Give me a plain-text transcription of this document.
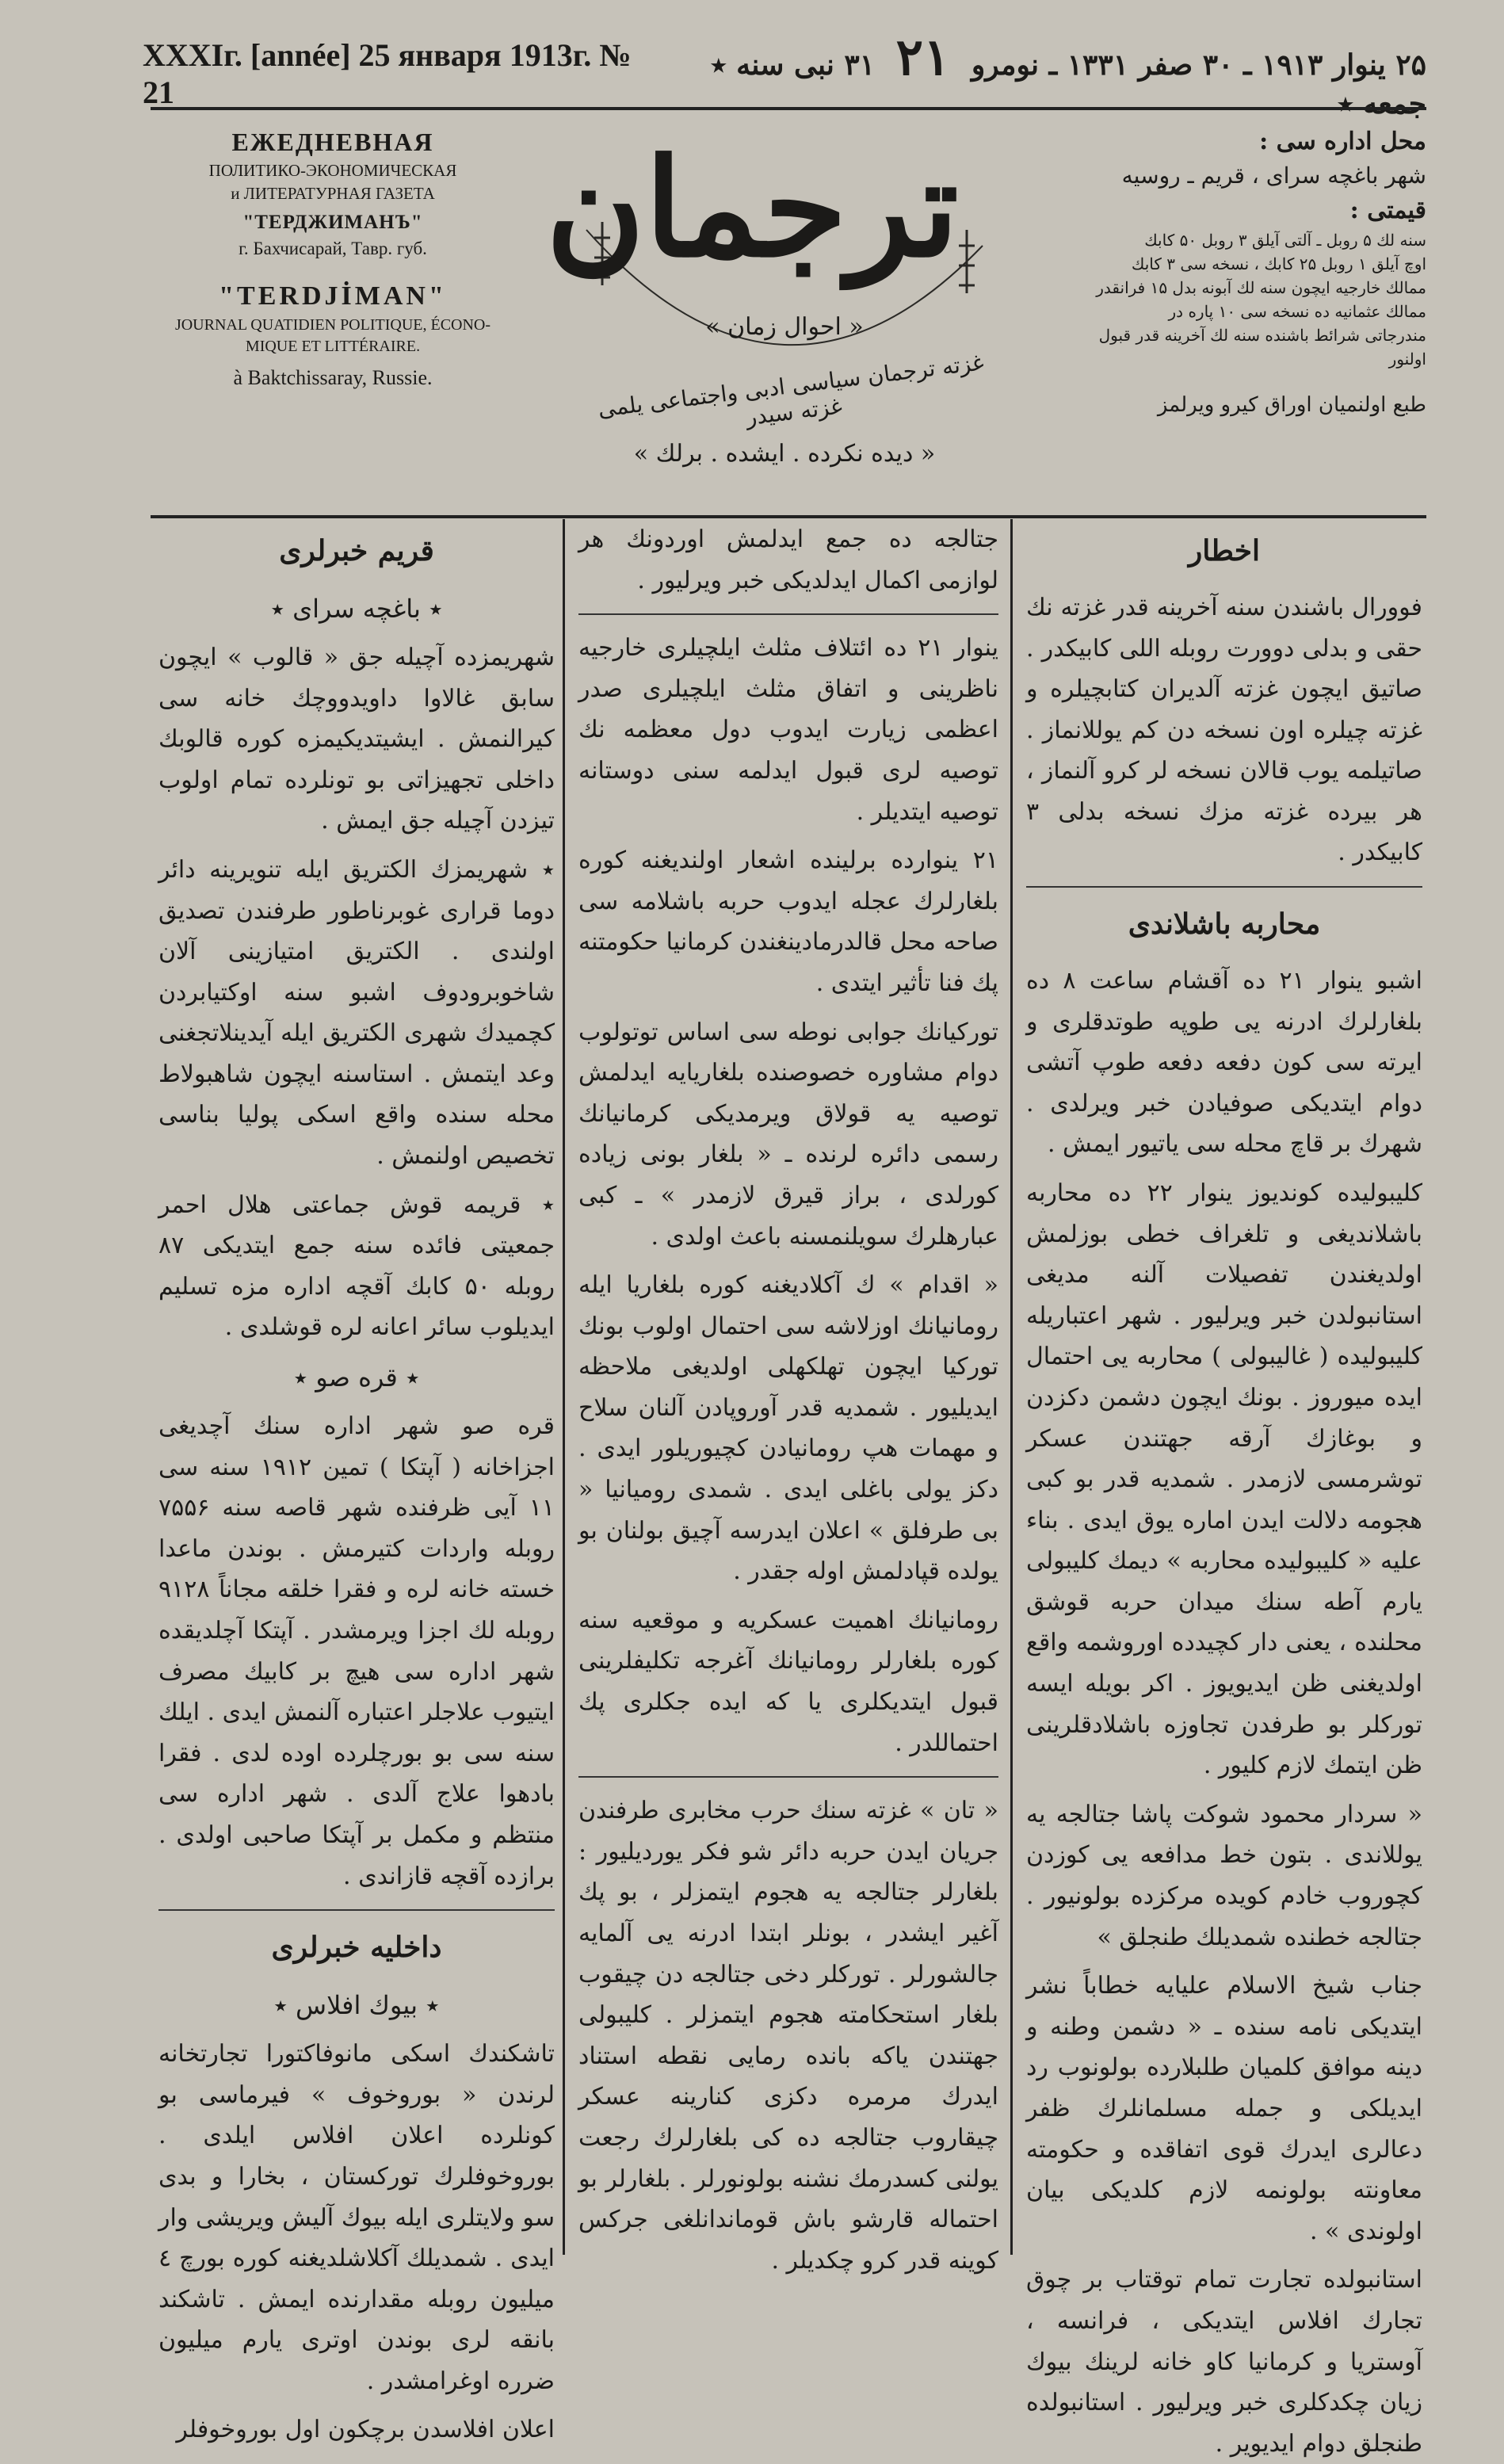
XXXIг. [année] 25 января 1913г. № 21
۲۵ ينوار ۱۹۱۳ ـ ۳۰ صفر ۱۳۳۱ ـ نومرو ۲۱ ۳۱ نبى سنه ٭ جمعه ٭
ЕЖЕДНЕВНАЯ
ПОЛИТИКО-ЭКОНОМИЧЕСКАЯ
и ЛИТЕРАТУРНАЯ ГАЗЕТА
"ТЕРДЖИМАНЪ"
г. Бахчисарай, Тавр. губ.
"TERDJİMAN"
JOURNAL QUATIDIEN POLITIQUE, ÉCONO-
MIQUE ET LITTÉRAIRE.
à Baktchissaray, Russie.
ترجمان
« احوال زمان »
غزته ترجمان سياسى ادبى واجتماعى يلمى غزته سيدر
« ديده نكرده . ايشده . برلك »
محل اداره سى :
شهر باغچه سراى ، قريم ـ روسيه
قيمتى :
سنه لك ۵ روبل ـ آلتى آيلق ۳ روبل ۵۰ كابك
اوچ آيلق ۱ روبل ۲۵ كابك ، نسخه سى ۳ كابك
ممالك خارجيه ايچون سنه لك آبونه بدل ۱۵ فرانقدر
ممالك عثمانيه ده نسخه سى ۱۰ پاره در
مندرجاتى شرائط باشنده سنه لك آخرينه قدر قبول اولنور
طبع اولنميان اوراق كيرو ويرلمز
اخطار

فوورال باشندن سنه آخرينه قدر غزته نك حقى و بدلى دوورت روبله اللى كابيكدر . صاتيق ايچون غزته آلديران كتابچيلره و غزته چيلره اون نسخه دن كم يوللانماز . صاتيلمه يوب قالان نسخه لر كرو آلنماز ، هر بيرده غزته مزك نسخه بدلى ۳ كابيكدر .

محاربه باشلاندى

اشبو ينوار ۲۱ ده آقشام ساعت ۸ ده بلغارلرك ادرنه يى طوپه طوتدقلرى و ايرته سى كون دفعه دفعه طوپ آتشى دوام ايتديكى صوفيادن خبر ويرلدى . شهرك بر قاچ محله سى ياتيور ايمش .

كليبوليده كونديوز ينوار ۲۲ ده محاربه باشلانديغى و تلغراف خطى بوزلمش اولديغندن تفصيلات آلنه مديغى استانبولدن خبر ويرليور . شهر اعتباريله كليبوليده ( غاليبولى ) محاربه يى احتمال ايده ميوروز . بونك ايچون دشمن دكزدن و بوغازك آرقه جهتندن عسكر توشرمسى لازمدر . شمديه قدر بو كبى هجومه دلالت ايدن اماره يوق ايدى . بناء عليه « كليبوليده محاربه » ديمك كليبولى يارم آطه سنك ميدان حربه قوشق محلنده ، يعنى دار كچيدده اوروشمه واقع اولديغنى ظن ايديويوز . اكر بويله ايسه توركلر بو طرفدن تجاوزه باشلادقلرينى ظن ايتمك لازم كليور .

« سردار محمود شوكت پاشا جتالجه يه يوللاندى . بتون خط مدافعه يى كوزدن كچوروب خادم كويده مركزده بولونيور . جتالجه خطنده شمديلك طنجلق »

جناب شيخ الاسلام عليايه خطاباً نشر ايتديكى نامه سنده ـ « دشمن وطنه و دينه موافق كلميان طلبلارده بولونوب رد ايديلكى و جمله مسلمانلرك ظفر دعالرى ايدرك قوى اتفاقده و حكومته معاونته بولونمه لازم كلديكى بيان اولوندى » .

استانبولده تجارت تمام توقتاب بر چوق تجارك افلاس ايتديكى ، فرانسه ، آوستريا و كرمانيا كاو خانه لرينك بيوك زيان چكدكلرى خبر ويرليور . استانبولده طنجلق دوام ايديوير .

جتالجه ده جمع ايدلمش اوردونك هر لوازمى اكمال ايدلديكى خبر ويرليور .

ينوار ۲۱ ده ائتلاف مثلث ايلچيلرى خارجيه ناظرينى و اتفاق مثلث ايلچيلرى صدر اعظمى زيارت ايدوب دول معظمه نك توصيه لرى قبول ايدلمه سنى دوستانه توصيه ايتديلر .

۲۱ ينوارده برلينده اشعار اولنديغنه كوره بلغارلرك عجله ايدوب حربه باشلامه سى صاحه محل قالدرمادينغندن كرمانيا حكومتنه پك فنا تأثير ايتدى .

توركيانك جوابى نوطه سى اساس توتولوب دوام مشاوره خصوصنده بلغاريايه ايدلمش توصيه يه قولاق ويرمديكى كرمانيانك رسمى دائره لرنده ـ « بلغار بونى زياده كورلدى ، براز قيرق لازمدر » ـ كبى عبارهلرك سويلنمسنه باعث اولدى .

« اقدام » ك آكلاديغنه كوره بلغاريا ايله رومانيانك اوزلاشه سى احتمال اولوب بونك توركيا ايچون تهلكهلى اولديغى ملاحظه ايديليور . شمديه قدر آوروپادن آلنان سلاح و مهمات هپ رومانيادن كچيوريلور ايدى . دكز يولى باغلى ايدى . شمدى روميانيا « بى طرفلق » اعلان ايدرسه آچيق بولنان بو يولده قپادلمش اوله جقدر .

رومانيانك اهميت عسكريه و موقعيه سنه كوره بلغارلر رومانيانك آغرجه تكليفلرينى قبول ايتديكلرى يا كه ايده جكلرى پك احتماللدر .

« تان » غزته سنك حرب مخابرى طرفندن جريان ايدن حربه دائر شو فكر يورديليور : بلغارلر جتالجه يه هجوم ايتمزلر ، بو پك آغير ايشدر ، بونلر ابتدا ادرنه يى آلمايه جالشورلر . توركلر دخى جتالجه دن چيقوب بلغار استحكامته هجوم ايتمزلر . كليبولى جهتندن ياكه بانده رمايى نقطه استناد ايدرك مرمره دكزى كنارينه عسكر چيقاروب جتالجه ده كى بلغارلرك رجعت يولنى كسدرمك نشنه بولونورلر . بلغارلر بو احتماله قارشو باش قوماندانلغى جركس كوينه قدر كرو چكديلر .

قريم خبرلرى
٭ باغچه سراى ٭

شهريمزده آچيله جق « قالوب » ايچون سابق غالاوا داويدووچك خانه سى كيرالنمش . ايشيتديكيمزه كوره قالوبك داخلى تجهيزاتى بو تونلرده تمام اولوب تيزدن آچيله جق ايمش .

٭ شهريمزك الكتريق ايله تنويرينه دائر دوما قرارى غوبرناطور طرفندن تصديق اولندى . الكتريق امتيازينى آلان شاخوبرودوف اشبو سنه اوكتيابردن كچميدك شهرى الكتريق ايله آيدينلاتجغنى وعد ايتمش . استاسنه ايچون شاهبولاط محله سنده واقع اسكى پوليا بناسى تخصيص اولنمش .

٭ قريمه قوش جماعتى هلال احمر جمعيتى فائده سنه جمع ايتديكى ۸۷ روبله ۵۰ كابك آقچه اداره مزه تسليم ايديلوب سائر اعانه لره قوشلدى .

٭ قره صو ٭

قره صو شهر اداره سنك آچديغى اجزاخانه ( آپتكا ) تمين ۱۹۱۲ سنه سى ۱۱ آيى ظرفنده شهر قاصه سنه ۷۵۵۶ روبله واردات كتيرمش . بوندن ماعدا خسته خانه لره و فقرا خلقه مجاناً ۹۱۲۸ روبله لك اجزا ويرمشدر . آپتكا آچلديقده شهر اداره سى هيچ بر كابيك مصرف ايتيوب علاجلر اعتباره آلنمش ايدى . ايلك سنه سى بو بورچلرده اوده لدى . فقرا بادهوا علاج آلدى . شهر اداره سى منتظم و مكمل بر آپتكا صاحبى اولدى . برازده آقچه قازاندى .

داخليه خبرلرى
٭ بيوك افلاس ٭

تاشكندك اسكى مانوفاكتورا تجارتخانه لرندن « بوروخوف » فيرماسى بو كونلرده اعلان افلاس ايلدى . بوروخوفلرك توركستان ، بخارا و بدى سو ولايتلرى ايله بيوك آليش ويريشى وار ايدى . شمديلك آكلاشلديغنه كوره بورچ ٤ ميليون روبله مقدارنده ايمش . تاشكند بانقه لرى بوندن اوترى يارم ميليون ضرره اوغرامشدر .

اعلان افلاسدن برچكون اول بوروخوفلر
